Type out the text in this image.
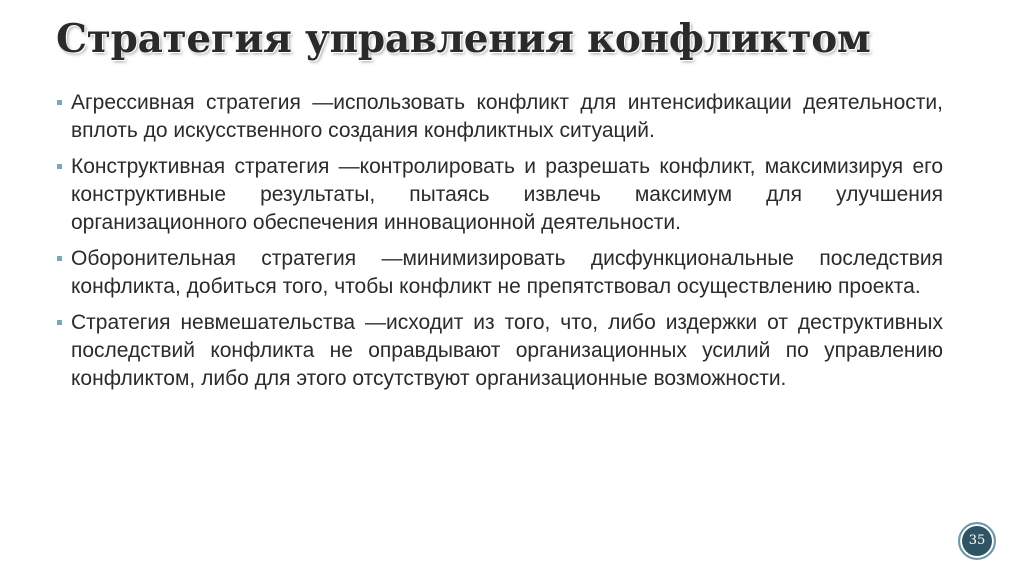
Стратегия управления конфликтом
Агрессивная стратегия —использовать конфликт для интенсификации деятельности, вплоть до искусственного создания конфликтных ситуаций.
Конструктивная стратегия —контролировать и разрешать конфликт, максимизируя его конструктивные результаты, пытаясь извлечь максимум для улучшения организационного обеспечения инновационной деятельности.
Оборонительная стратегия —минимизировать дисфункциональные последствия конфликта, добиться того, чтобы конфликт не препятствовал осуществлению проекта.
Стратегия невмешательства —исходит из того, что, либо издержки от деструктивных последствий конфликта не оправдывают организационных усилий по управлению конфликтом, либо для этого отсутствуют организационные возможности.
35
